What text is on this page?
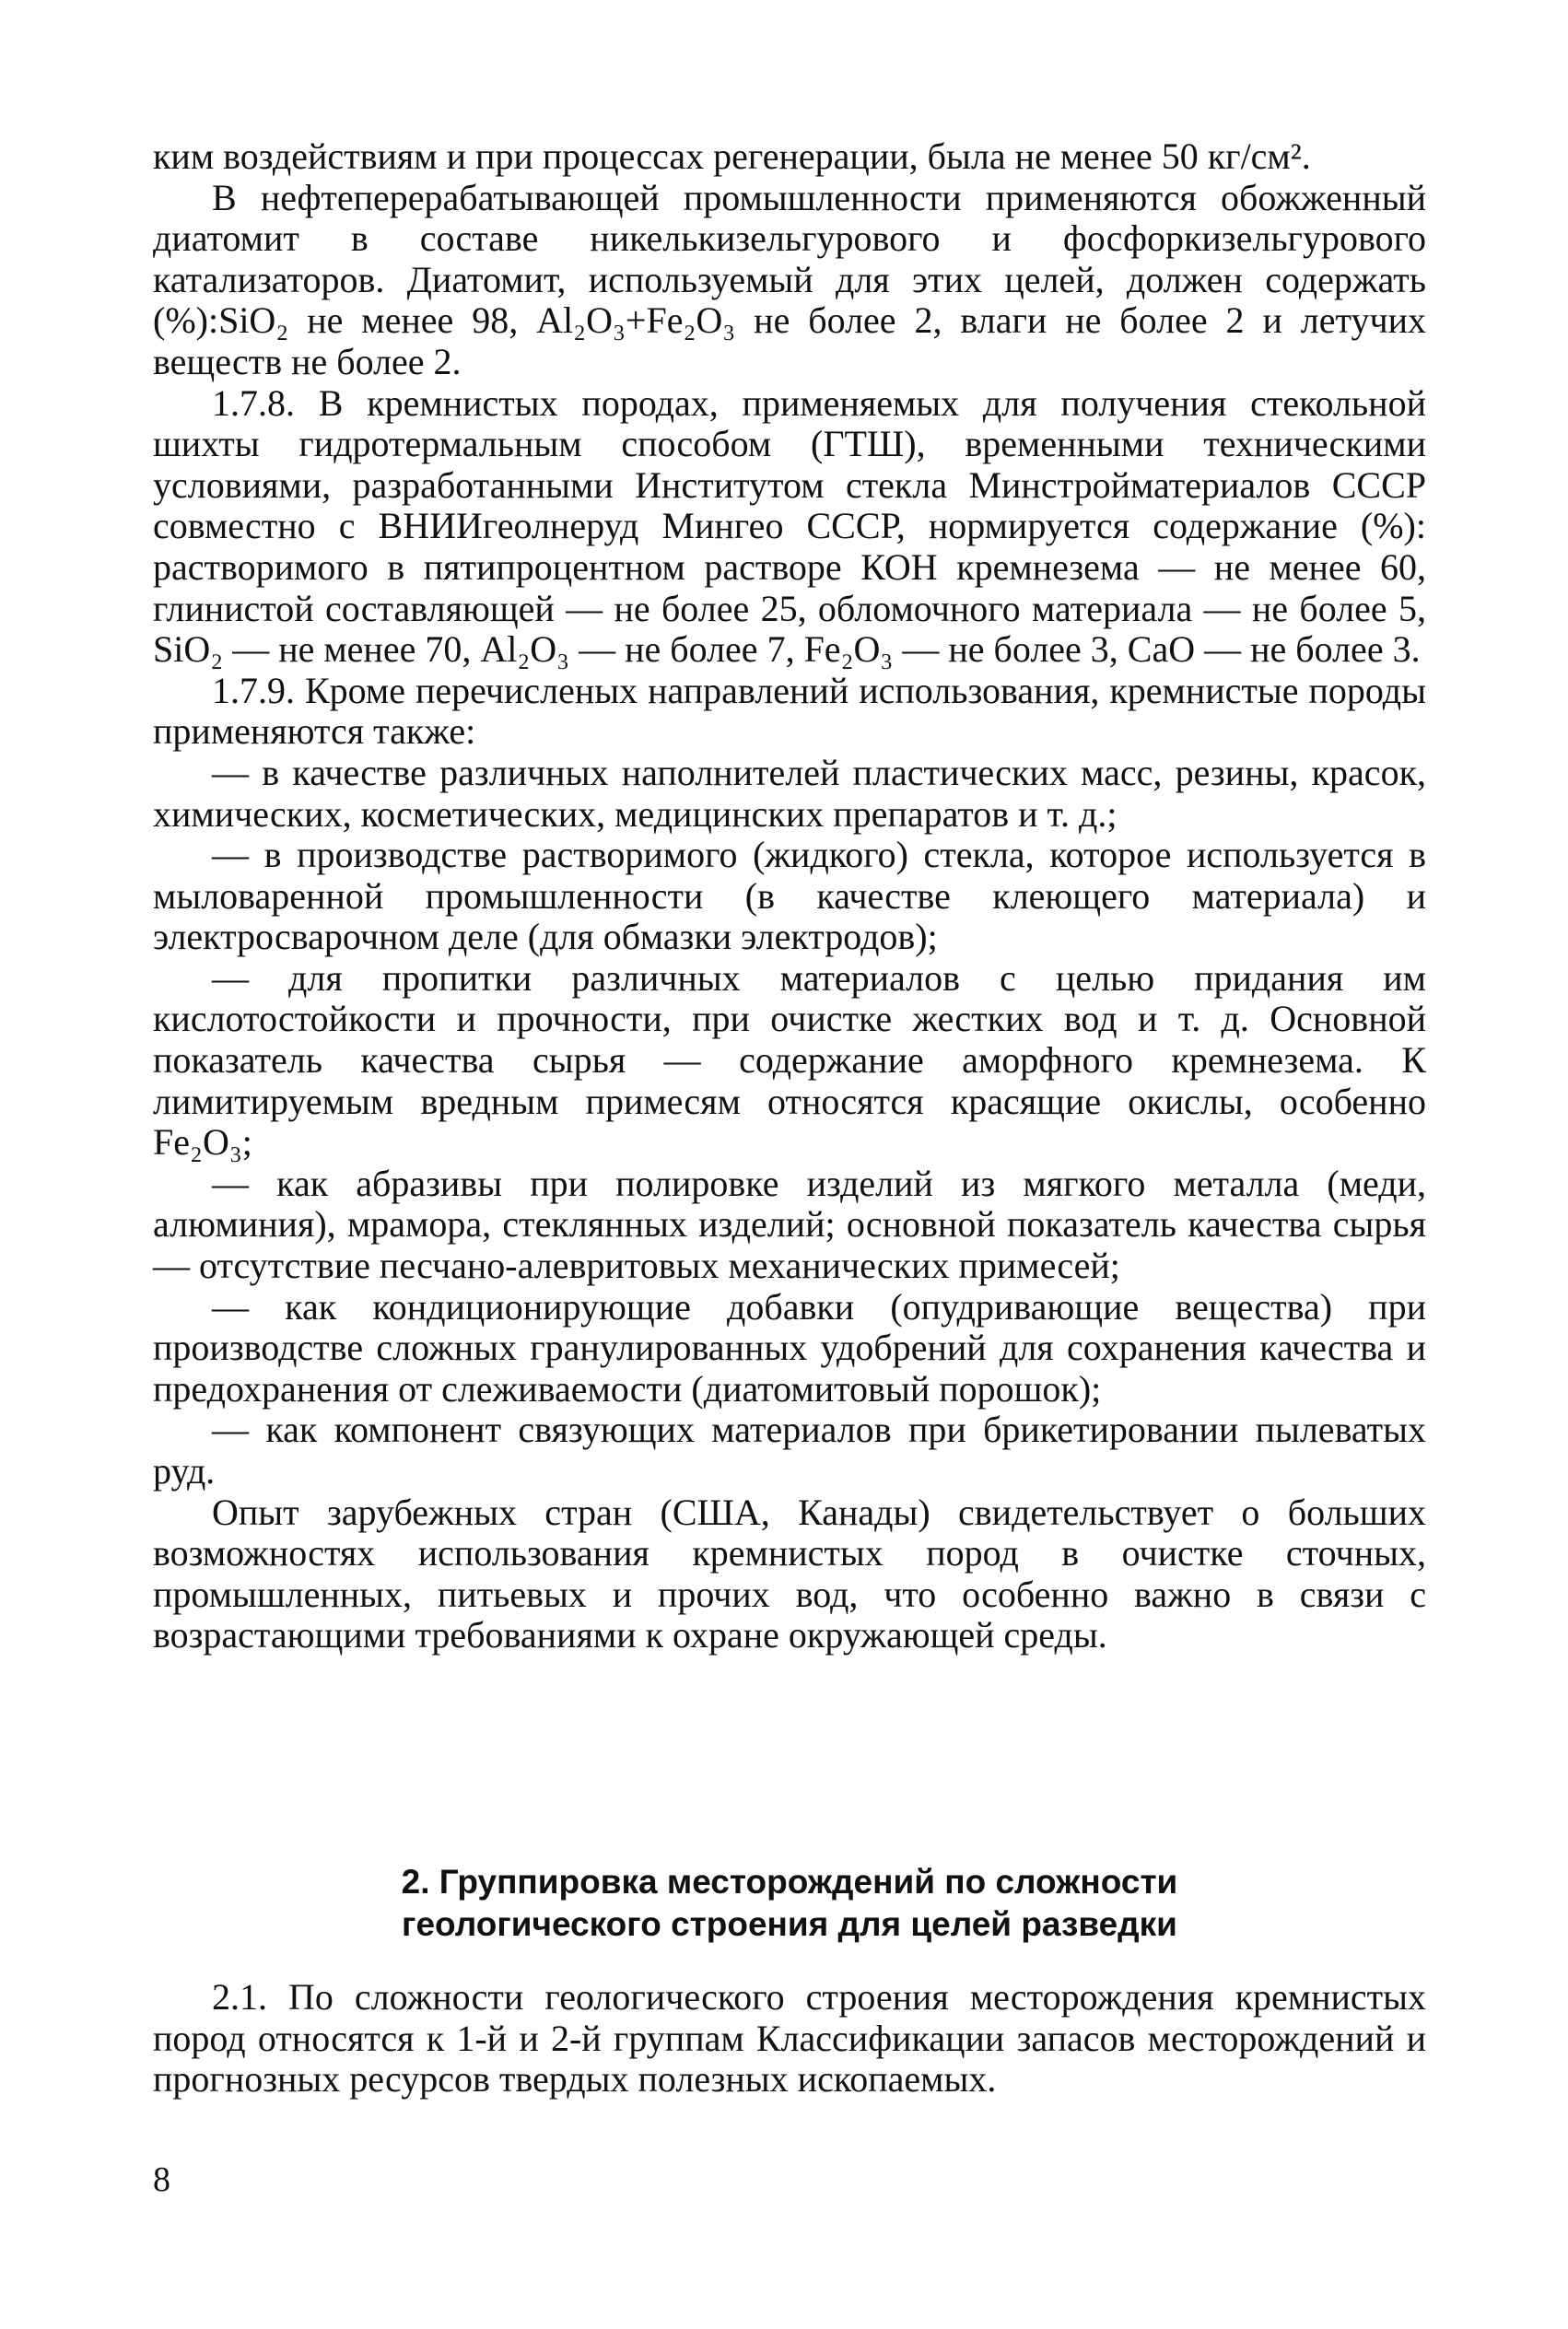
ким воздействиям и при процессах регенерации, была не менее 50 кг/см².

В нефтеперерабатывающей промышленности применяются обожженный диатомит в составе никелькизельгурового и фосфоркизельгурового катализаторов. Диатомит, используемый для этих целей, должен содержать (%):SiO₂ не менее 98, Al₂O₃+Fe₂O₃ не более 2, влаги не более 2 и летучих веществ не более 2.

1.7.8. В кремнистых породах, применяемых для получения стекольной шихты гидротермальным способом (ГТШ), временными техническими условиями, разработанными Институтом стекла Минстройматериалов СССР совместно с ВНИИгеолнеруд Мингео СССР, нормируется содержание (%): растворимого в пятипроцентном растворе КОН кремнезема — не менее 60, глинистой составляющей — не более 25, обломочного материала — не более 5, SiO₂ — не менее 70, Al₂O₃ — не более 7, Fe₂O₃ — не более 3, CaO — не более 3.

1.7.9. Кроме перечисленых направлений использования, кремнистые породы применяются также:

— в качестве различных наполнителей пластических масс, резины, красок, химических, косметических, медицинских препаратов и т. д.;

— в производстве растворимого (жидкого) стекла, которое используется в мыловаренной промышленности (в качестве клеющего материала) и электросварочном деле (для обмазки электродов);

— для пропитки различных материалов с целью придания им кислотостойкости и прочности, при очистке жестких вод и т. д. Основной показатель качества сырья — содержание аморфного кремнезема. К лимитируемым вредным примесям относятся красящие окислы, особенно Fe₂O₃;

— как абразивы при полировке изделий из мягкого металла (меди, алюминия), мрамора, стеклянных изделий; основной показатель качества сырья — отсутствие песчано-алевритовых механических примесей;

— как кондиционирующие добавки (опудривающие вещества) при производстве сложных гранулированных удобрений для сохранения качества и предохранения от слеживаемости (диатомитовый порошок);

— как компонент связующих материалов при брикетировании пылеватых руд.

Опыт зарубежных стран (США, Канады) свидетельствует о больших возможностях использования кремнистых пород в очистке сточных, промышленных, питьевых и прочих вод, что особенно важно в связи с возрастающими требованиями к охране окружающей среды.

2. Группировка месторождений по сложности
геологического строения для целей разведки

2.1. По сложности геологического строения месторождения кремнистых пород относятся к 1-й и 2-й группам Классификации запасов месторождений и прогнозных ресурсов твердых полезных ископаемых.

8
